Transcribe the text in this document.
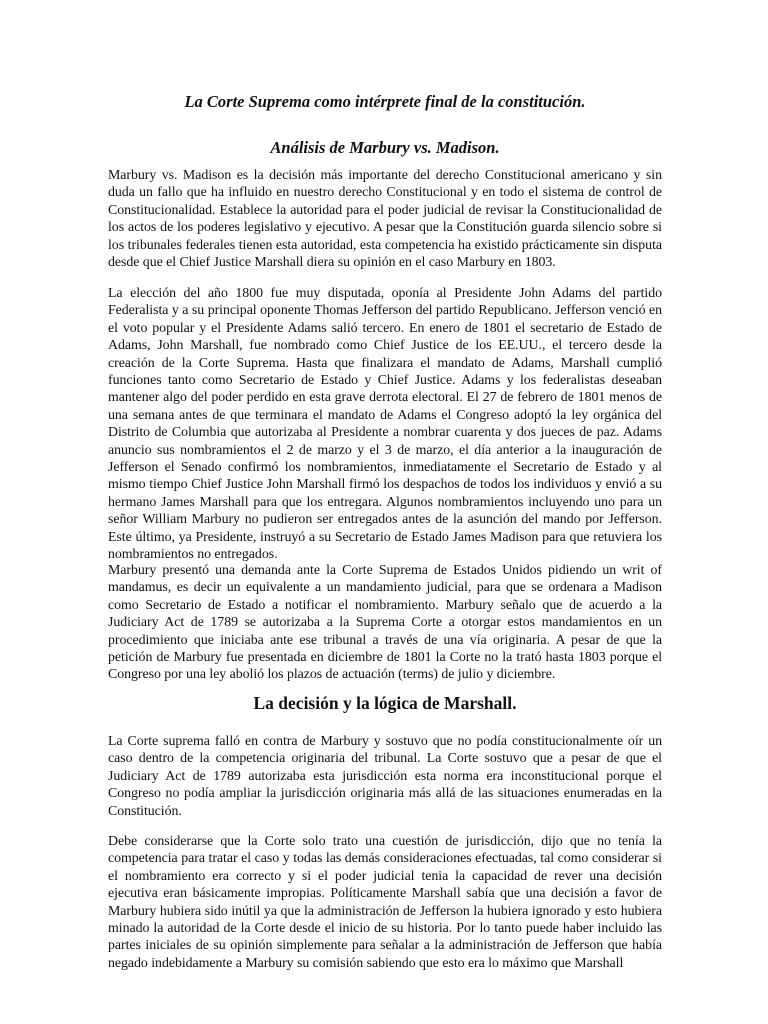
La Corte Suprema como intérprete final de la constitución.
Análisis de Marbury vs. Madison.

Marbury vs. Madison es la decisión más importante del derecho Constitucional americano y sin duda un fallo que ha influido en nuestro derecho Constitucional y en todo el sistema de control de Constitucionalidad. Establece la autoridad para el poder judicial de revisar la Constitucionalidad de los actos de los poderes legislativo y ejecutivo. A pesar que la Constitución guarda silencio sobre si los tribunales federales tienen esta autoridad, esta competencia ha existido prácticamente sin disputa desde que el Chief Justice Marshall diera su opinión en el caso Marbury en 1803.

La elección del año 1800 fue muy disputada, oponía al Presidente John Adams del partido Federalista y a su principal oponente Thomas Jefferson del partido Republicano. Jefferson venció en el voto popular y el Presidente Adams salió tercero. En enero de 1801 el secretario de Estado de Adams, John Marshall, fue nombrado como Chief Justice de los EE.UU., el tercero desde la creación de la Corte Suprema. Hasta que finalizara el mandato de Adams, Marshall cumplió funciones tanto como Secretario de Estado y Chief Justice. Adams y los federalistas deseaban mantener algo del poder perdido en esta grave derrota electoral. El 27 de febrero de 1801 menos de una semana antes de que terminara el mandato de Adams el Congreso adoptó la ley orgánica del Distrito de Columbia que autorizaba al Presidente a nombrar cuarenta y dos jueces de paz. Adams anuncio sus nombramientos el 2 de marzo y el 3 de marzo, el día anterior a la inauguración de Jefferson el Senado confirmó los nombramientos, inmediatamente el Secretario de Estado y al mismo tiempo Chief Justice John Marshall firmó los despachos de todos los individuos y envió a su hermano James Marshall para que los entregara. Algunos nombramientos incluyendo uno para un señor William Marbury no pudieron ser entregados antes de la asunción del mando por Jefferson. Este último, ya Presidente, instruyó a su Secretario de Estado James Madison para que retuviera los nombramientos no entregados.

Marbury presentó una demanda ante la Corte Suprema de Estados Unidos pidiendo un writ of mandamus, es decir un equivalente a un mandamiento judicial, para que se ordenara a Madison como Secretario de Estado a notificar el nombramiento. Marbury señalo que de acuerdo a la Judiciary Act de 1789 se autorizaba a la Suprema Corte a otorgar estos mandamientos en un procedimiento que iniciaba ante ese tribunal a través de una vía originaria. A pesar de que la petición de Marbury fue presentada en diciembre de 1801 la Corte no la trató hasta 1803 porque el Congreso por una ley abolió los plazos de actuación (terms) de julio y diciembre.

La decisión y la lógica de Marshall.

La Corte suprema falló en contra de Marbury y sostuvo que no podía constitucionalmente oír un caso dentro de la competencia originaria del tribunal. La Corte sostuvo que a pesar de que el Judiciary Act de 1789 autorizaba esta jurisdicción esta norma era inconstitucional porque el Congreso no podía ampliar la jurisdicción originaria más allá de las situaciones enumeradas en la Constitución.

Debe considerarse que la Corte solo trato una cuestión de jurisdicción, dijo que no tenía la competencia para tratar el caso y todas las demás consideraciones efectuadas, tal como considerar si el nombramiento era correcto y si el poder judicial tenia la capacidad de rever una decisión ejecutiva eran básicamente impropias. Políticamente Marshall sabía que una decisión a favor de Marbury hubiera sido inútil ya que la administración de Jefferson la hubiera ignorado y esto hubiera minado la autoridad de la Corte desde el inicio de su historia. Por lo tanto puede haber incluido las partes iniciales de su opinión simplemente para señalar a la administración de Jefferson que había negado indebidamente a Marbury su comisión sabiendo que esto era lo máximo que Marshall
